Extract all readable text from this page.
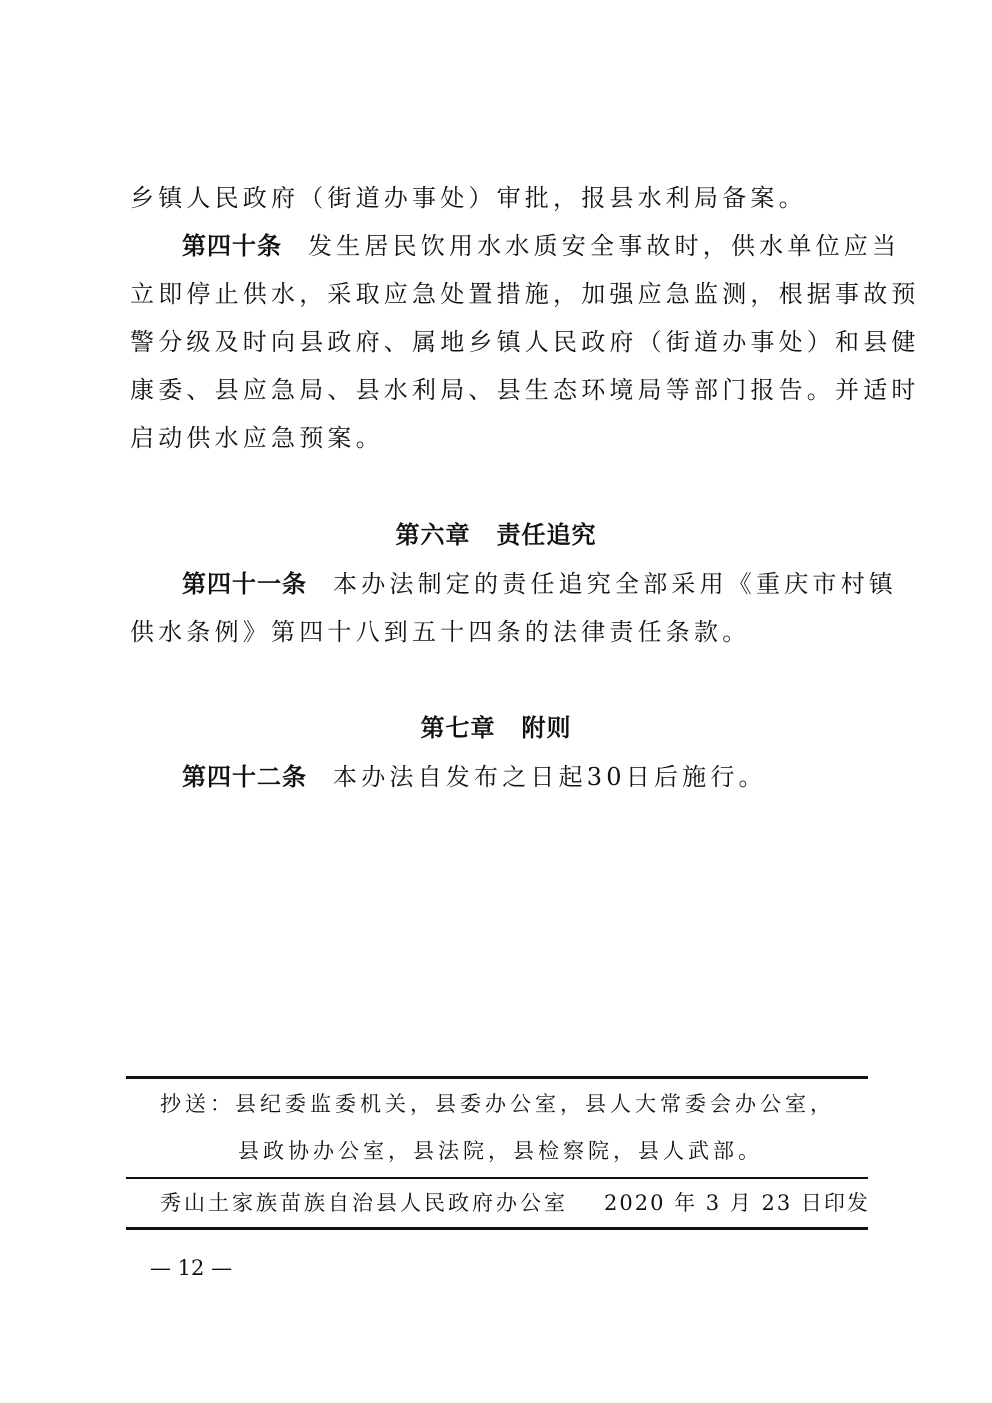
乡镇人民政府（街道办事处）审批，报县水利局备案。
第四十条 发生居民饮用水水质安全事故时，供水单位应当
立即停止供水，采取应急处置措施，加强应急监测，根据事故预
警分级及时向县政府、属地乡镇人民政府（街道办事处）和县健
康委、县应急局、县水利局、县生态环境局等部门报告。并适时
启动供水应急预案。
第六章 责任追究
第四十一条 本办法制定的责任追究全部采用《重庆市村镇
供水条例》第四十八到五十四条的法律责任条款。
第七章 附则
第四十二条 本办法自发布之日起30日后施行。
抄送：县纪委监委机关，县委办公室，县人大常委会办公室，
县政协办公室，县法院，县检察院，县人武部。
秀山土家族苗族自治县人民政府办公室 2020 年 3 月 23 日印发
— 12 —
